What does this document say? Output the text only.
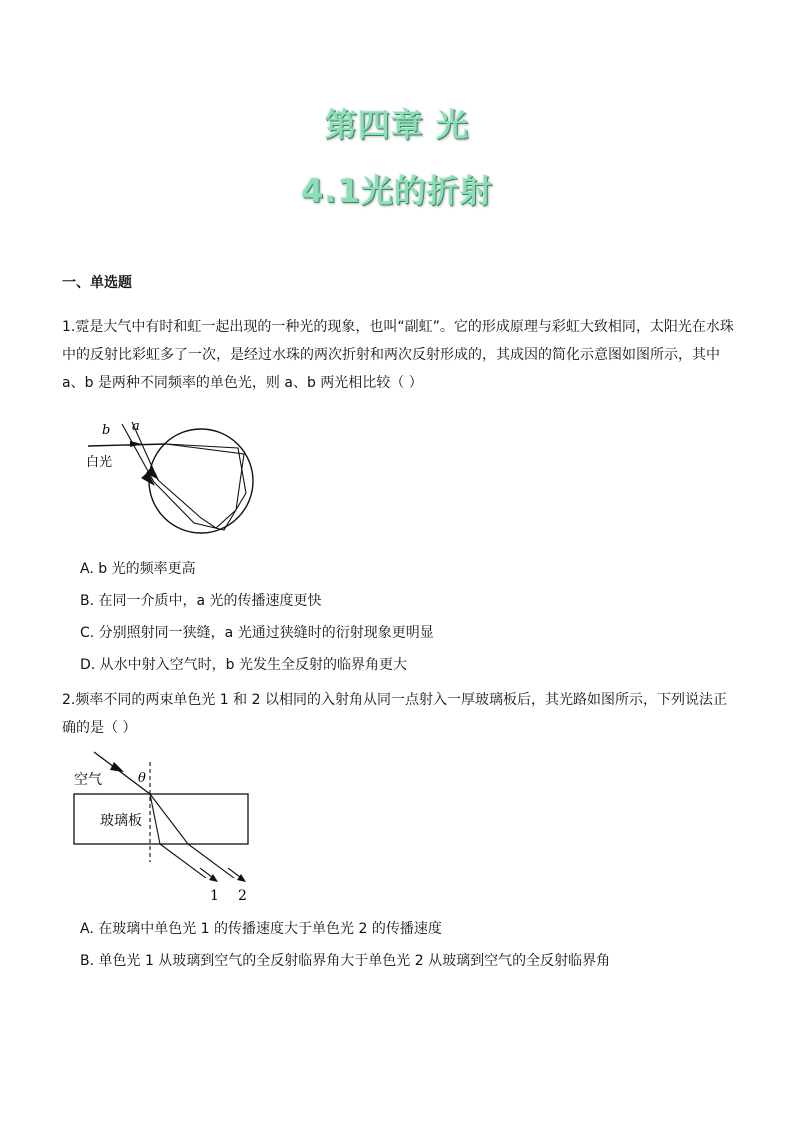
第四章 光
4.1光的折射
一、单选题
1.霓是大气中有时和虹一起出现的一种光的现象，也叫“副虹”。它的形成原理与彩虹大致相同，太阳光在水珠中的反射比彩虹多了一次，是经过水珠的两次折射和两次反射形成的，其成因的简化示意图如图所示，其中 a、b 是两种不同频率的单色光，则 a、b 两光相比较（ ）
b a
白光
A. b 光的频率更高
B. 在同一介质中，a 光的传播速度更快
C. 分别照射同一狭缝，a 光通过狭缝时的衍射现象更明显
D. 从水中射入空气时，b 光发生全反射的临界角更大
2.频率不同的两束单色光 1 和 2 以相同的入射角从同一点射入一厚玻璃板后，其光路如图所示，下列说法正确的是（ ）
空气	θ
玻璃板
1 2
A. 在玻璃中单色光 1 的传播速度大于单色光 2 的传播速度
B. 单色光 1 从玻璃到空气的全反射临界角大于单色光 2 从玻璃到空气的全反射临界角
